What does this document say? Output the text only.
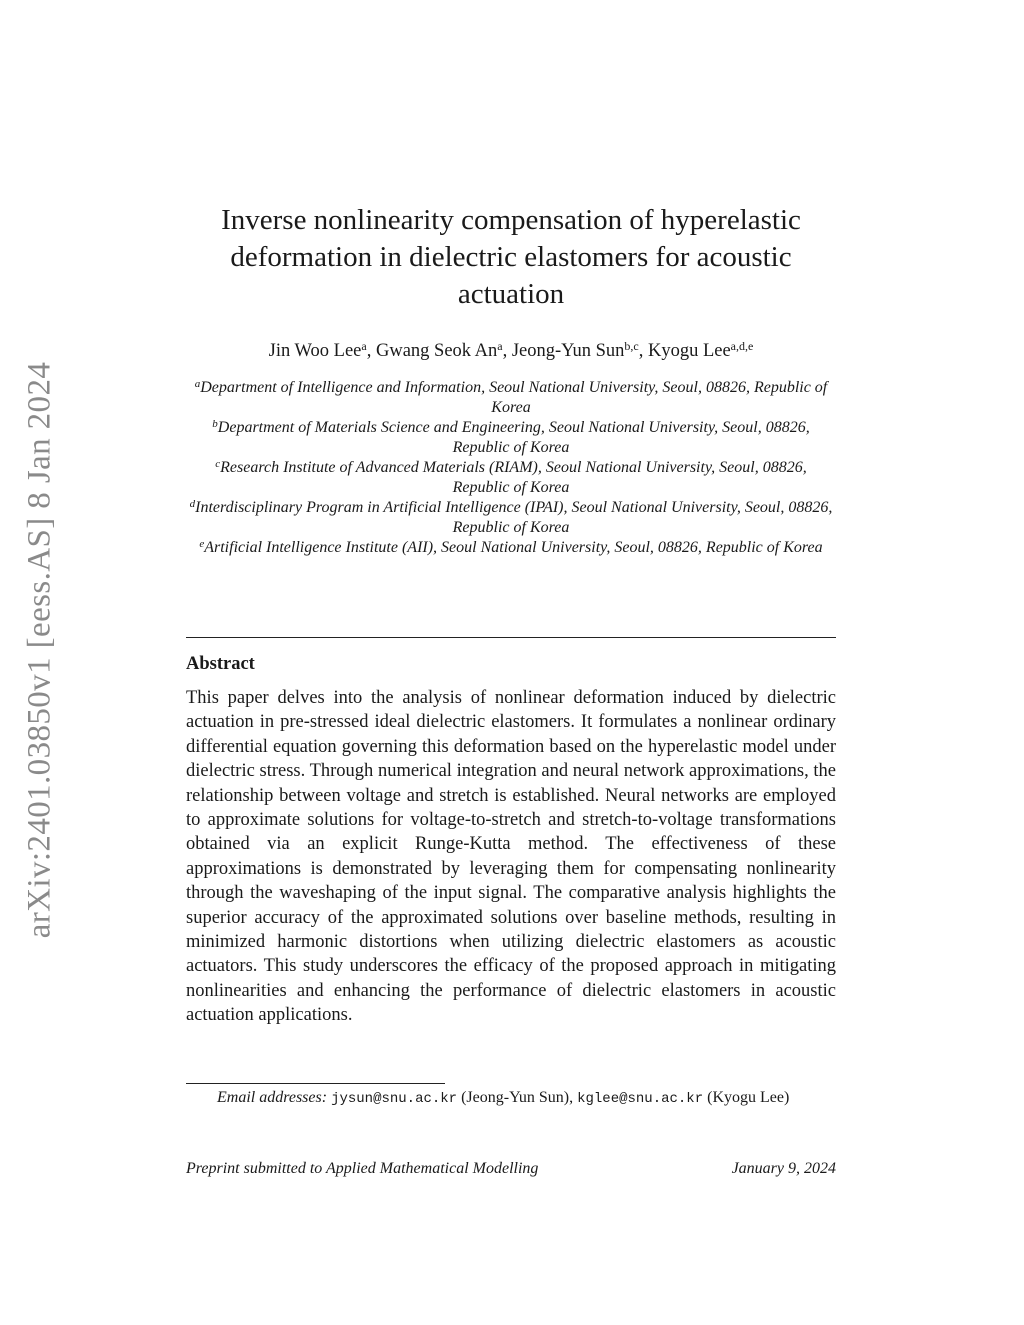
arXiv:2401.03850v1 [eess.AS] 8 Jan 2024
Inverse nonlinearity compensation of hyperelastic deformation in dielectric elastomers for acoustic actuation
Jin Woo Lee$^a$, Gwang Seok An$^a$, Jeong-Yun Sun$^{b,c}$, Kyogu Lee$^{a,d,e}$
$^a$Department of Intelligence and Information, Seoul National University, Seoul, 08826, Republic of Korea
$^b$Department of Materials Science and Engineering, Seoul National University, Seoul, 08826, Republic of Korea
$^c$Research Institute of Advanced Materials (RIAM), Seoul National University, Seoul, 08826, Republic of Korea
$^d$Interdisciplinary Program in Artificial Intelligence (IPAI), Seoul National University, Seoul, 08826, Republic of Korea
$^e$Artificial Intelligence Institute (AII), Seoul National University, Seoul, 08826, Republic of Korea
Abstract
This paper delves into the analysis of nonlinear deformation induced by dielectric actuation in pre-stressed ideal dielectric elastomers. It formulates a nonlinear ordinary differential equation governing this deformation based on the hyperelastic model under dielectric stress. Through numerical integration and neural network approximations, the relationship between voltage and stretch is established. Neural networks are employed to approximate solutions for voltage-to-stretch and stretch-to-voltage transformations obtained via an explicit Runge-Kutta method. The effectiveness of these approximations is demonstrated by leveraging them for compensating nonlinearity through the waveshaping of the input signal. The comparative analysis highlights the superior accuracy of the approximated solutions over baseline methods, resulting in minimized harmonic distortions when utilizing dielectric elastomers as acoustic actuators. This study underscores the efficacy of the proposed approach in mitigating nonlinearities and enhancing the performance of dielectric elastomers in acoustic actuation applications.
Email addresses: jysun@snu.ac.kr (Jeong-Yun Sun), kglee@snu.ac.kr (Kyogu Lee)
Preprint submitted to Applied Mathematical Modelling	January 9, 2024
